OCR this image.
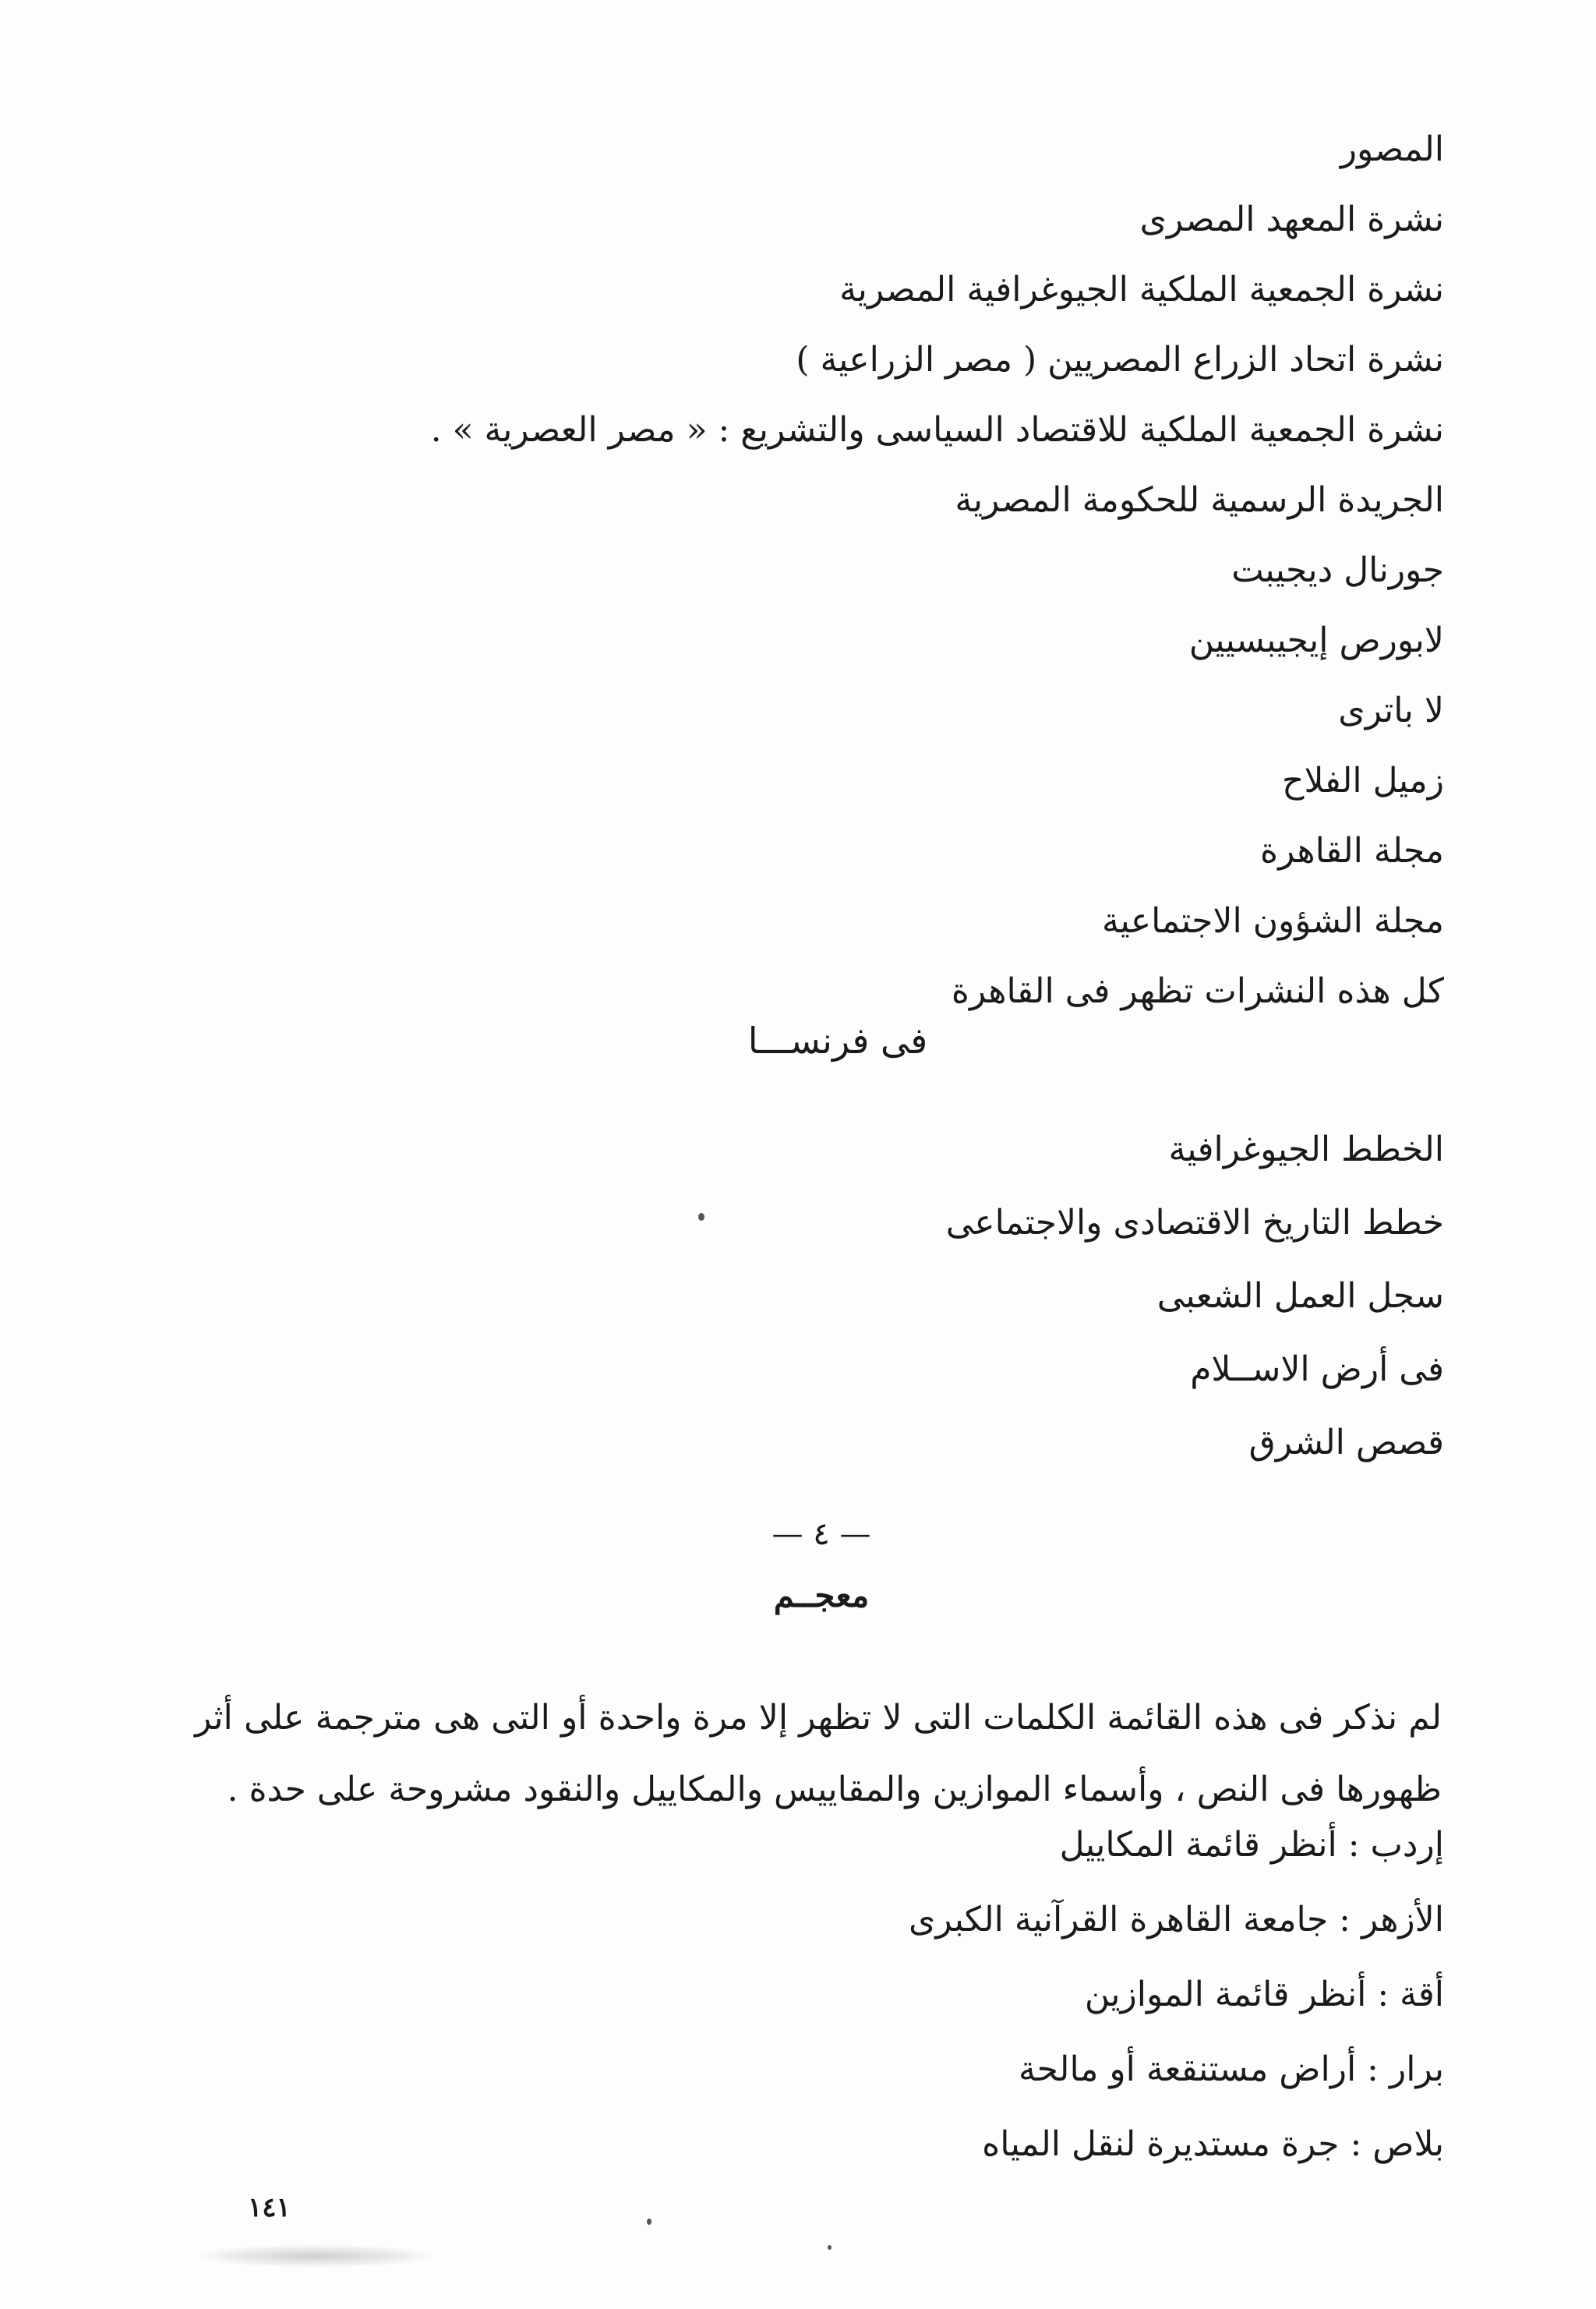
المصور
نشرة المعهد المصرى
نشرة الجمعية الملكية الجيوغرافية المصرية
نشرة اتحاد الزراع المصريين ( مصر الزراعية )
نشرة الجمعية الملكية للاقتصاد السياسى والتشريع : « مصر العصرية » .
الجريدة الرسمية للحكومة المصرية
جورنال ديجيبت
لابورص إيجيبسيين
لا باترى
زميل الفلاح
مجلة القاهرة
مجلة الشؤون الاجتماعية
كل هذه النشرات تظهر فى القاهرة
فى فرنســـا
الخطط الجيوغرافية
خطط التاريخ الاقتصادى والاجتماعى
سجل العمل الشعبى
فى أرض الاســلام
قصص الشرق
— ٤ —
معجــم

لم نذكر فى هذه القائمة الكلمات التى لا تظهر إلا مرة واحدة أو التى هى مترجمة على أثر ظهورها فى النص ، وأسماء الموازين والمقاييس والمكاييل والنقود مشروحة على حدة .

إردب : أنظر قائمة المكاييل
الأزهر : جامعة القاهرة القرآنية الكبرى
أقة : أنظر قائمة الموازين
برار : أراض مستنقعة أو مالحة
بلاص : جرة مستديرة لنقل المياه
١٤١
